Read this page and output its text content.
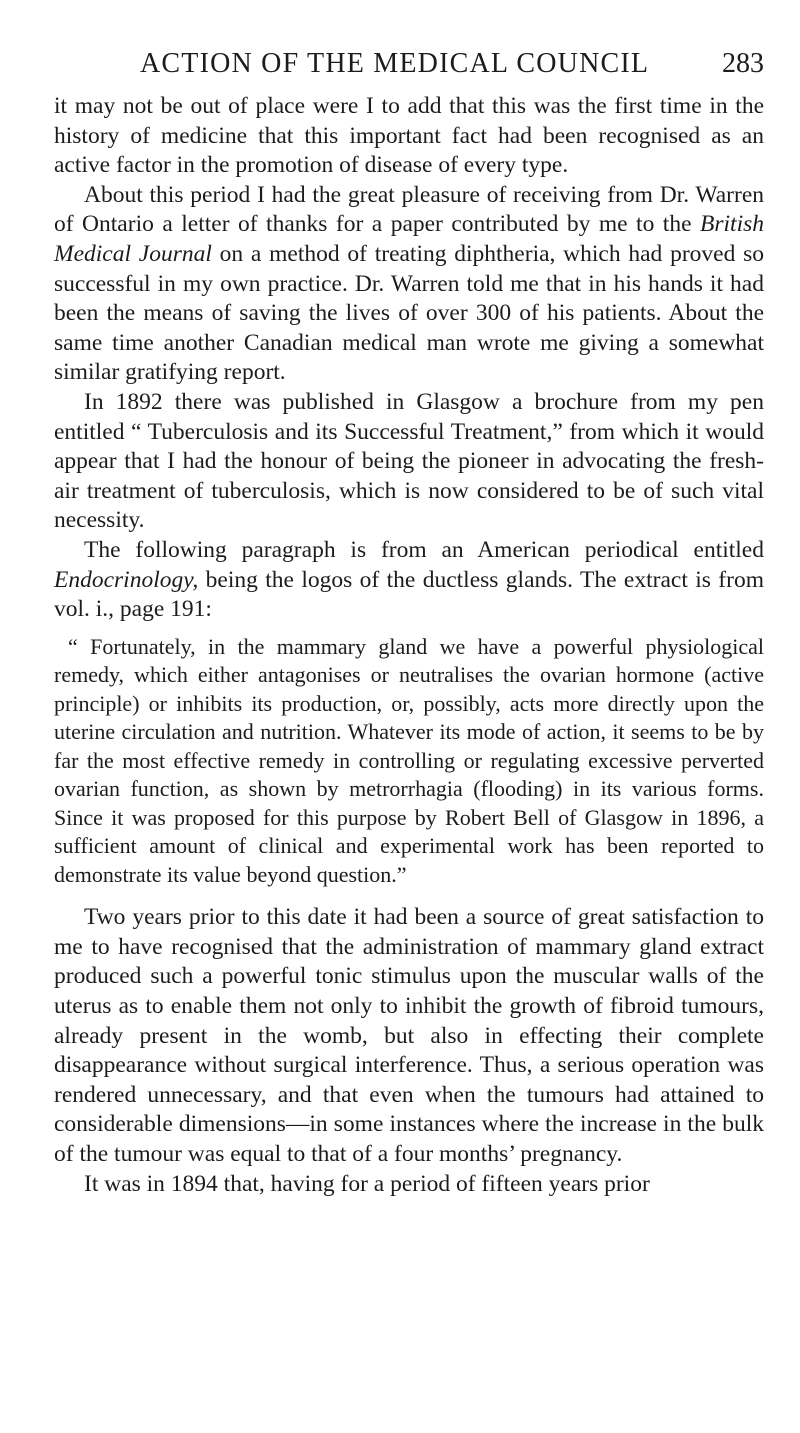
ACTION OF THE MEDICAL COUNCIL	283

it may not be out of place were I to add that this was the first time in the history of medicine that this important fact had been recognised as an active factor in the promotion of disease of every type.

About this period I had the great pleasure of receiving from Dr. Warren of Ontario a letter of thanks for a paper contributed by me to the British Medical Journal on a method of treating diphtheria, which had proved so successful in my own practice. Dr. Warren told me that in his hands it had been the means of saving the lives of over 300 of his patients. About the same time another Canadian medical man wrote me giving a somewhat similar gratifying report.

In 1892 there was published in Glasgow a brochure from my pen entitled “ Tuberculosis and its Successful Treatment,” from which it would appear that I had the honour of being the pioneer in advocating the fresh-air treatment of tuberculosis, which is now considered to be of such vital necessity.

The following paragraph is from an American periodical entitled Endocrinology, being the logos of the ductless glands. The extract is from vol. i., page 191:

“ Fortunately, in the mammary gland we have a powerful physiological remedy, which either antagonises or neutralises the ovarian hormone (active principle) or inhibits its production, or, possibly, acts more directly upon the uterine circulation and nutrition. Whatever its mode of action, it seems to be by far the most effective remedy in controlling or regulating excessive perverted ovarian function, as shown by metrorrhagia (flooding) in its various forms. Since it was proposed for this purpose by Robert Bell of Glasgow in 1896, a sufficient amount of clinical and experimental work has been reported to demonstrate its value beyond question.”

Two years prior to this date it had been a source of great satisfaction to me to have recognised that the administration of mammary gland extract produced such a powerful tonic stimulus upon the muscular walls of the uterus as to enable them not only to inhibit the growth of fibroid tumours, already present in the womb, but also in effecting their complete disappearance without surgical interference. Thus, a serious operation was rendered unnecessary, and that even when the tumours had attained to considerable dimensions—in some instances where the increase in the bulk of the tumour was equal to that of a four months’ pregnancy.

It was in 1894 that, having for a period of fifteen years prior
